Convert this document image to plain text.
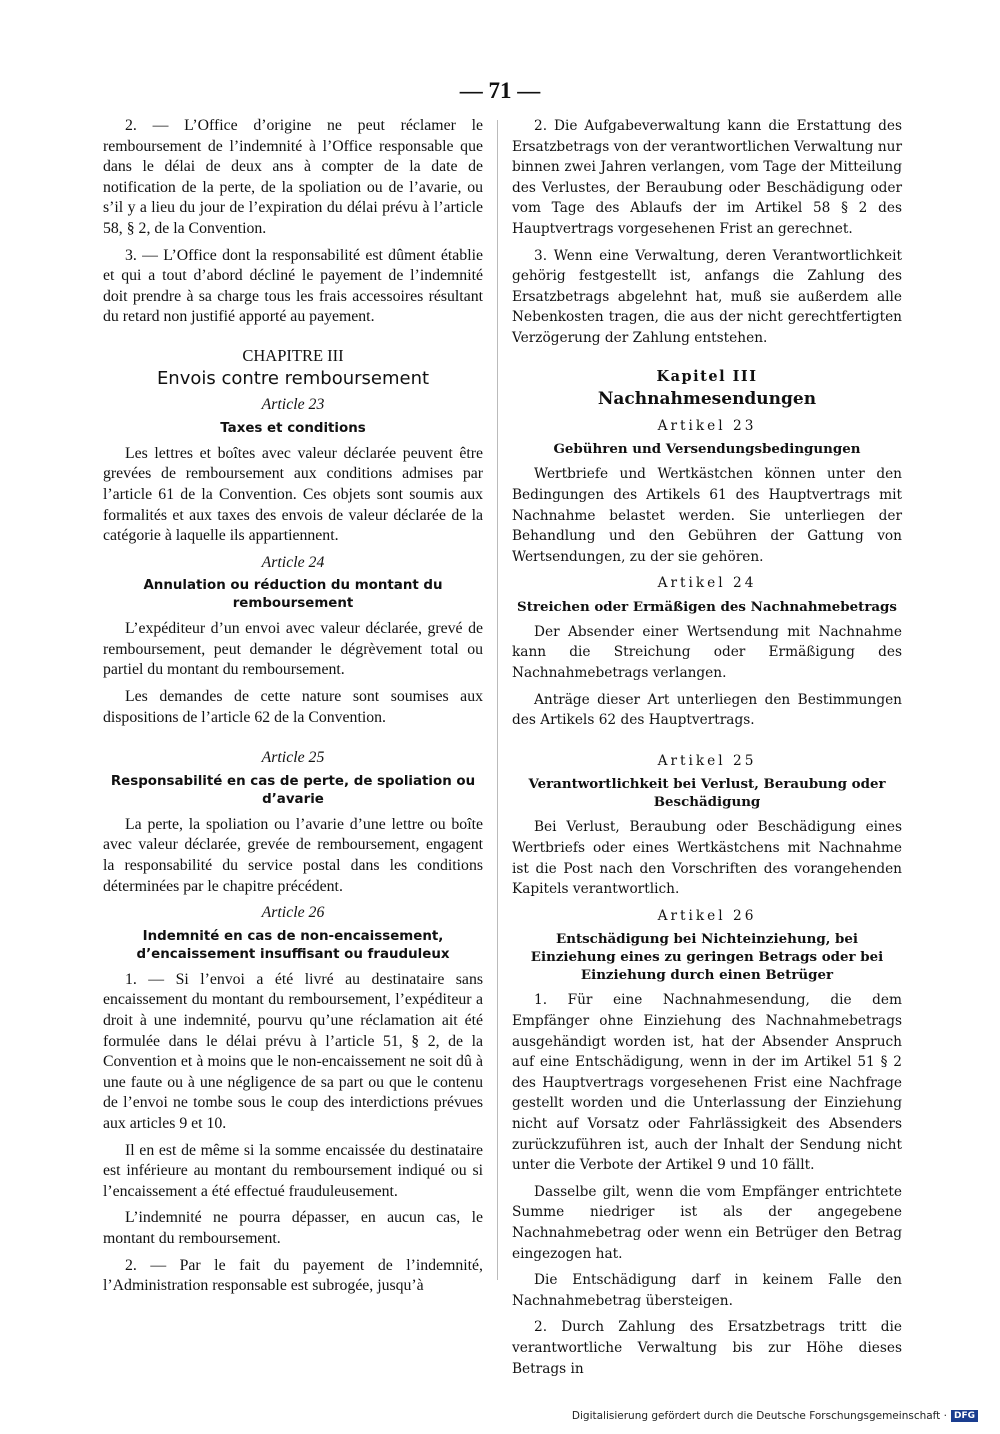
— 71 —

2. — L’Office d’origine ne peut réclamer le remboursement de l’indemnité à l’Office responsable que dans le délai de deux ans à compter de la date de notification de la perte, de la spoliation ou de l’avarie, ou s’il y a lieu du jour de l’expiration du délai prévu à l’article 58, § 2, de la Convention.

3. — L’Office dont la responsabilité est dûment établie et qui a tout d’abord décliné le payement de l’indemnité doit prendre à sa charge tous les frais accessoires résultant du retard non justifié apporté au payement.

CHAPITRE III
Envois contre remboursement
Article 23
Taxes et conditions

Les lettres et boîtes avec valeur déclarée peuvent être grevées de remboursement aux conditions admises par l’article 61 de la Convention. Ces objets sont soumis aux formalités et aux taxes des envois de valeur déclarée de la catégorie à laquelle ils appartiennent.

Article 24
Annulation ou réduction du montant du remboursement

L’expéditeur d’un envoi avec valeur déclarée, grevé de remboursement, peut demander le dégrèvement total ou partiel du montant du remboursement.

Les demandes de cette nature sont soumises aux dispositions de l’article 62 de la Convention.

Article 25
Responsabilité en cas de perte, de spoliation ou d’avarie

La perte, la spoliation ou l’avarie d’une lettre ou boîte avec valeur déclarée, grevée de remboursement, engagent la responsabilité du service postal dans les conditions déterminées par le chapitre précédent.

Article 26
Indemnité en cas de non-encaissement, d’encaissement insuffisant ou frauduleux

1. — Si l’envoi a été livré au destinataire sans encaissement du montant du remboursement, l’expéditeur a droit à une indemnité, pourvu qu’une réclamation ait été formulée dans le délai prévu à l’article 51, § 2, de la Convention et à moins que le non-encaissement ne soit dû à une faute ou à une négligence de sa part ou que le contenu de l’envoi ne tombe sous le coup des interdictions prévues aux articles 9 et 10.

Il en est de même si la somme encaissée du destinataire est inférieure au montant du remboursement indiqué ou si l’encaissement a été effectué frauduleusement.

L’indemnité ne pourra dépasser, en aucun cas, le montant du remboursement.

2. — Par le fait du payement de l’indemnité, l’Administration responsable est subrogée, jusqu’à

2. Die Aufgabeverwaltung kann die Erstattung des Ersatzbetrags von der verantwortlichen Verwaltung nur binnen zwei Jahren verlangen, vom Tage der Mitteilung des Verlustes, der Beraubung oder Beschädigung oder vom Tage des Ablaufs der im Artikel 58 § 2 des Hauptvertrags vorgesehenen Frist an gerechnet.

3. Wenn eine Verwaltung, deren Verantwortlichkeit gehörig festgestellt ist, anfangs die Zahlung des Ersatzbetrags abgelehnt hat, muß sie außerdem alle Nebenkosten tragen, die aus der nicht gerechtfertigten Verzögerung der Zahlung entstehen.

Kapitel III
Nachnahmesendungen
Artikel 23
Gebühren und Versendungsbedingungen

Wertbriefe und Wertkästchen können unter den Bedingungen des Artikels 61 des Hauptvertrags mit Nachnahme belastet werden. Sie unterliegen der Behandlung und den Gebühren der Gattung von Wertsendungen, zu der sie gehören.

Artikel 24
Streichen oder Ermäßigen des Nachnahmebetrags

Der Absender einer Wertsendung mit Nachnahme kann die Streichung oder Ermäßigung des Nachnahmebetrags verlangen.

Anträge dieser Art unterliegen den Bestimmungen des Artikels 62 des Hauptvertrags.

Artikel 25
Verantwortlichkeit bei Verlust, Beraubung oder Beschädigung

Bei Verlust, Beraubung oder Beschädigung eines Wertbriefs oder eines Wertkästchens mit Nachnahme ist die Post nach den Vorschriften des vorangehenden Kapitels verantwortlich.

Artikel 26
Entschädigung bei Nichteinziehung, bei Einziehung eines zu geringen Betrags oder bei Einziehung durch einen Betrüger

1. Für eine Nachnahmesendung, die dem Empfänger ohne Einziehung des Nachnahmebetrags ausgehändigt worden ist, hat der Absender Anspruch auf eine Entschädigung, wenn in der im Artikel 51 § 2 des Hauptvertrags vorgesehenen Frist eine Nachfrage gestellt worden und die Unterlassung der Einziehung nicht auf Vorsatz oder Fahrlässigkeit des Absenders zurückzuführen ist, auch der Inhalt der Sendung nicht unter die Verbote der Artikel 9 und 10 fällt.

Dasselbe gilt, wenn die vom Empfänger entrichtete Summe niedriger ist als der angegebene Nachnahmebetrag oder wenn ein Betrüger den Betrag eingezogen hat.

Die Entschädigung darf in keinem Falle den Nachnahmebetrag übersteigen.

2. Durch Zahlung des Ersatzbetrags tritt die verantwortliche Verwaltung bis zur Höhe dieses Betrags in

Digitalisierung gefördert durch die Deutsche Forschungsgemeinschaft · DFG
